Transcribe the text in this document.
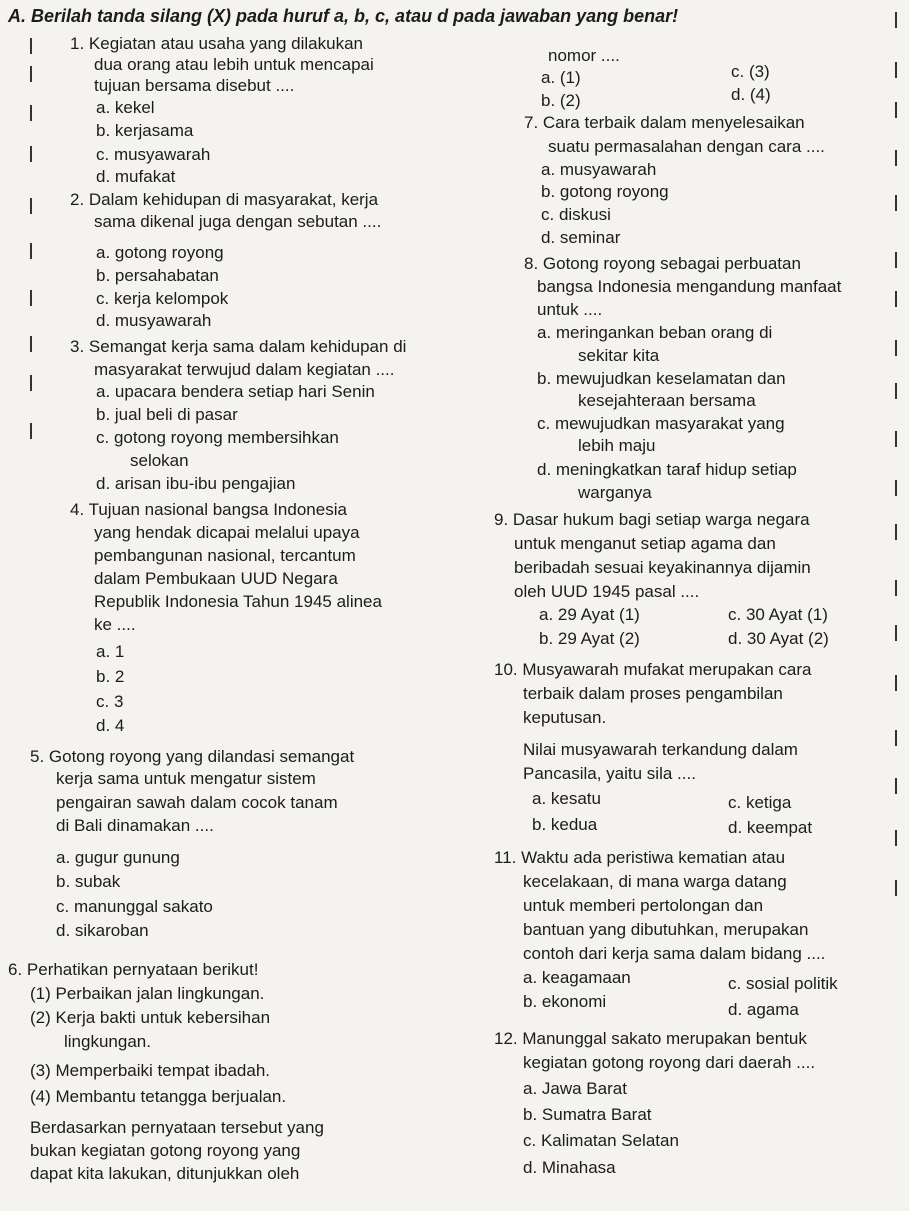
A. Berilah tanda silang (X) pada huruf a, b, c, atau d pada jawaban yang benar!
1. Kegiatan atau usaha yang dilakukan
dua orang atau lebih untuk mencapai
tujuan bersama disebut ....
a. kekel
b. kerjasama
c. musyawarah
d. mufakat
2. Dalam kehidupan di masyarakat, kerja
sama dikenal juga dengan sebutan ....
a. gotong royong
b. persahabatan
c. kerja kelompok
d. musyawarah
3. Semangat kerja sama dalam kehidupan di
masyarakat terwujud dalam kegiatan ....
a. upacara bendera setiap hari Senin
b. jual beli di pasar
c. gotong royong membersihkan
selokan
d. arisan ibu-ibu pengajian
4. Tujuan nasional bangsa Indonesia
yang hendak dicapai melalui upaya
pembangunan nasional, tercantum
dalam Pembukaan UUD Negara
Republik Indonesia Tahun 1945 alinea
ke ....
a. 1
b. 2
c. 3
d. 4
5. Gotong royong yang dilandasi semangat
kerja sama untuk mengatur sistem
pengairan sawah dalam cocok tanam
di Bali dinamakan ....
a. gugur gunung
b. subak
c. manunggal sakato
d. sikaroban
6. Perhatikan pernyataan berikut!
(1) Perbaikan jalan lingkungan.
(2) Kerja bakti untuk kebersihan
lingkungan.
(3) Memperbaiki tempat ibadah.
(4) Membantu tetangga berjualan.
Berdasarkan pernyataan tersebut yang
bukan kegiatan gotong royong yang
dapat kita lakukan, ditunjukkan oleh
nomor ....
a. (1)	c. (3)
b. (2)	d. (4)
7. Cara terbaik dalam menyelesaikan
suatu permasalahan dengan cara ....
a. musyawarah
b. gotong royong
c. diskusi
d. seminar
8. Gotong royong sebagai perbuatan
bangsa Indonesia mengandung manfaat
untuk ....
a. meringankan beban orang di
sekitar kita
b. mewujudkan keselamatan dan
kesejahteraan bersama
c. mewujudkan masyarakat yang
lebih maju
d. meningkatkan taraf hidup setiap
warganya
9. Dasar hukum bagi setiap warga negara
untuk menganut setiap agama dan
beribadah sesuai keyakinannya dijamin
oleh UUD 1945 pasal ....
a. 29 Ayat (1)	c. 30 Ayat (1)
b. 29 Ayat (2)	d. 30 Ayat (2)
10. Musyawarah mufakat merupakan cara
terbaik dalam proses pengambilan
keputusan.
Nilai musyawarah terkandung dalam
Pancasila, yaitu sila ....
a. kesatu	c. ketiga
b. kedua	d. keempat
11. Waktu ada peristiwa kematian atau
kecelakaan, di mana warga datang
untuk memberi pertolongan dan
bantuan yang dibutuhkan, merupakan
contoh dari kerja sama dalam bidang ....
a. keagamaan	c. sosial politik
b. ekonomi	d. agama
12. Manunggal sakato merupakan bentuk
kegiatan gotong royong dari daerah ....
a. Jawa Barat
b. Sumatra Barat
c. Kalimatan Selatan
d. Minahasa
